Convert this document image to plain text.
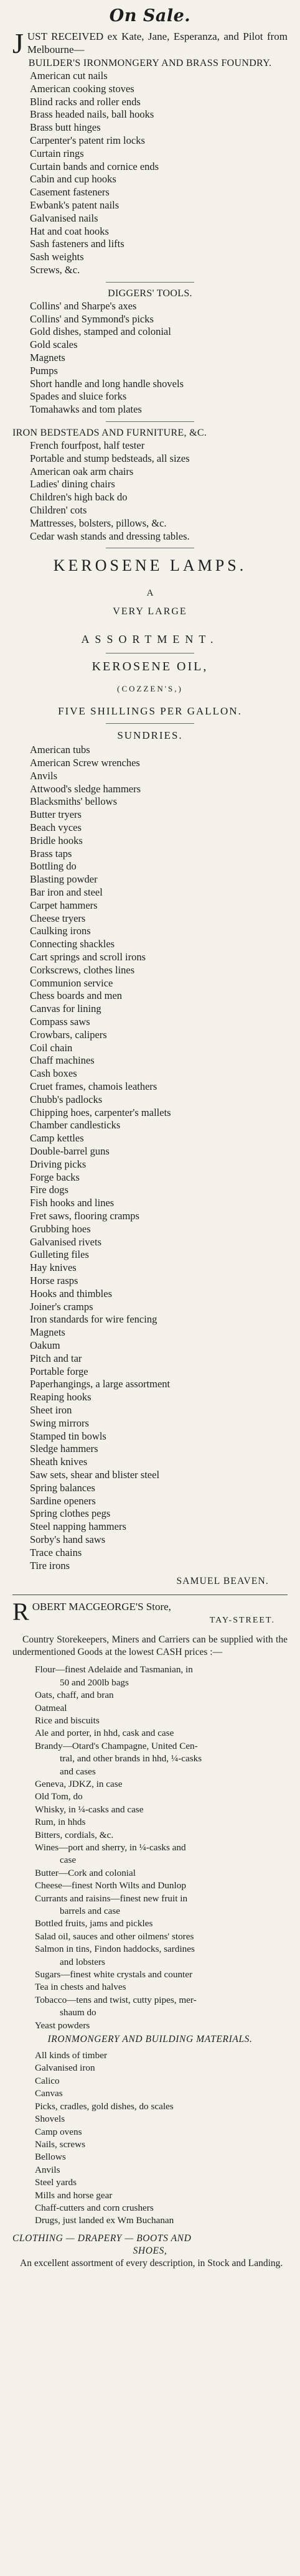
On Sale.

JUST RECEIVED ex Kate, Jane, Esperanza, and Pilot from Melbourne—

BUILDER'S IRONMONGERY AND BRASS FOUNDRY.

American cut nails
American cooking stoves
Blind racks and roller ends
Brass headed nails, ball hooks
Brass butt hinges
Carpenter's patent rim locks
Curtain rings
Curtain bands and cornice ends
Cabin and cup hooks
Casement fasteners
Ewbank's patent nails
Galvanised nails
Hat and coat hooks
Sash fasteners and lifts
Sash weights
Screws, &c.

DIGGERS' TOOLS.

Collins' and Sharpe's axes
Collins' and Symmond's picks
Gold dishes, stamped and colonial
Gold scales
Magnets
Pumps
Short handle and long handle shovels
Spades and sluice forks
Tomahawks and tom plates

IRON BEDSTEADS AND FURNITURE, &C.

French fourfpost, half tester
Portable and stump bedsteads, all sizes
American oak arm chairs
Ladies' dining chairs
Children's high back do
Children' cots
Mattresses, bolsters, pillows, &c.
Cedar wash stands and dressing tables.
KEROSENE LAMPS.
A
VERY LARGE
ASSORTMENT.
KEROSENE OIL,
(COZZEN'S,)
FIVE SHILLINGS PER GALLON.
SUNDRIES.
American tubs
American Screw wrenches
Anvils
Attwood's sledge hammers
Blacksmiths' bellows
Butter tryers
Beach vyces
Bridle hooks
Brass taps
Bottling do
Blasting powder
Bar iron and steel
Carpet hammers
Cheese tryers
Caulking irons
Connecting shackles
Cart springs and scroll irons
Corkscrews, clothes lines
Communion service
Chess boards and men
Canvas for lining
Compass saws
Crowbars, calipers
Coil chain
Chaff machines
Cash boxes
Cruet frames, chamois leathers
Chubb's padlocks
Chipping hoes, carpenter's mallets
Chamber candlesticks
Camp kettles
Double-barrel guns
Driving picks
Forge backs
Fire dogs
Fish hooks and lines
Fret saws, flooring cramps
Grubbing hoes
Galvanised rivets
Gulleting files
Hay knives
Horse rasps
Hooks and thimbles
Joiner's cramps
Iron standards for wire fencing
Magnets
Oakum
Pitch and tar
Portable forge
Paperhangings, a large assortment
Reaping hooks
Sheet iron
Swing mirrors
Stamped tin bowls
Sledge hammers
Sheath knives
Saw sets, shear and blister steel
Spring balances
Sardine openers
Spring clothes pegs
Steel napping hammers
Sorby's hand saws
Trace chains
Tire irons
SAMUEL BEAVEN.

ROBERT MACGEORGE'S Store,
TAY-STREET.

Country Storekeepers, Miners and Carriers can be supplied with the undermentioned Goods at the lowest CASH prices :—

Flour—finest Adelaide and Tasmanian, in
50 and 200lb bags
Oats, chaff, and bran
Oatmeal
Rice and biscuits
Ale and porter, in hhd, cask and case
Brandy—Otard's Champagne, United Cen-
tral, and other brands in hhd, ¼-casks
and cases
Geneva, JDKZ, in case
Old Tom, do
Whisky, in ¼-casks and case
Rum, in hhds
Bitters, cordials, &c.
Wines—port and sherry, in ¼-casks and
case
Butter—Cork and colonial
Cheese—finest North Wilts and Dunlop
Currants and raisins—finest new fruit in
barrels and case
Bottled fruits, jams and pickles
Salad oil, sauces and other oilmens' stores
Salmon in tins, Findon haddocks, sardines
and lobsters
Sugars—finest white crystals and counter
Tea in chests and halves
Tobacco—tens and twist, cutty pipes, mer-
shaum do
Yeast powders

IRONMONGERY AND BUILDING MATERIALS.

All kinds of timber
Galvanised iron
Calico
Canvas
Picks, cradles, gold dishes, do scales
Shovels
Camp ovens
Nails, screws
Bellows
Anvils
Steel yards
Mills and horse gear
Chaff-cutters and corn crushers
Drugs, just landed ex Wm Buchanan

CLOTHING — DRAPERY — BOOTS AND
SHOES,
An excellent assortment of every description, in Stock and Landing.
